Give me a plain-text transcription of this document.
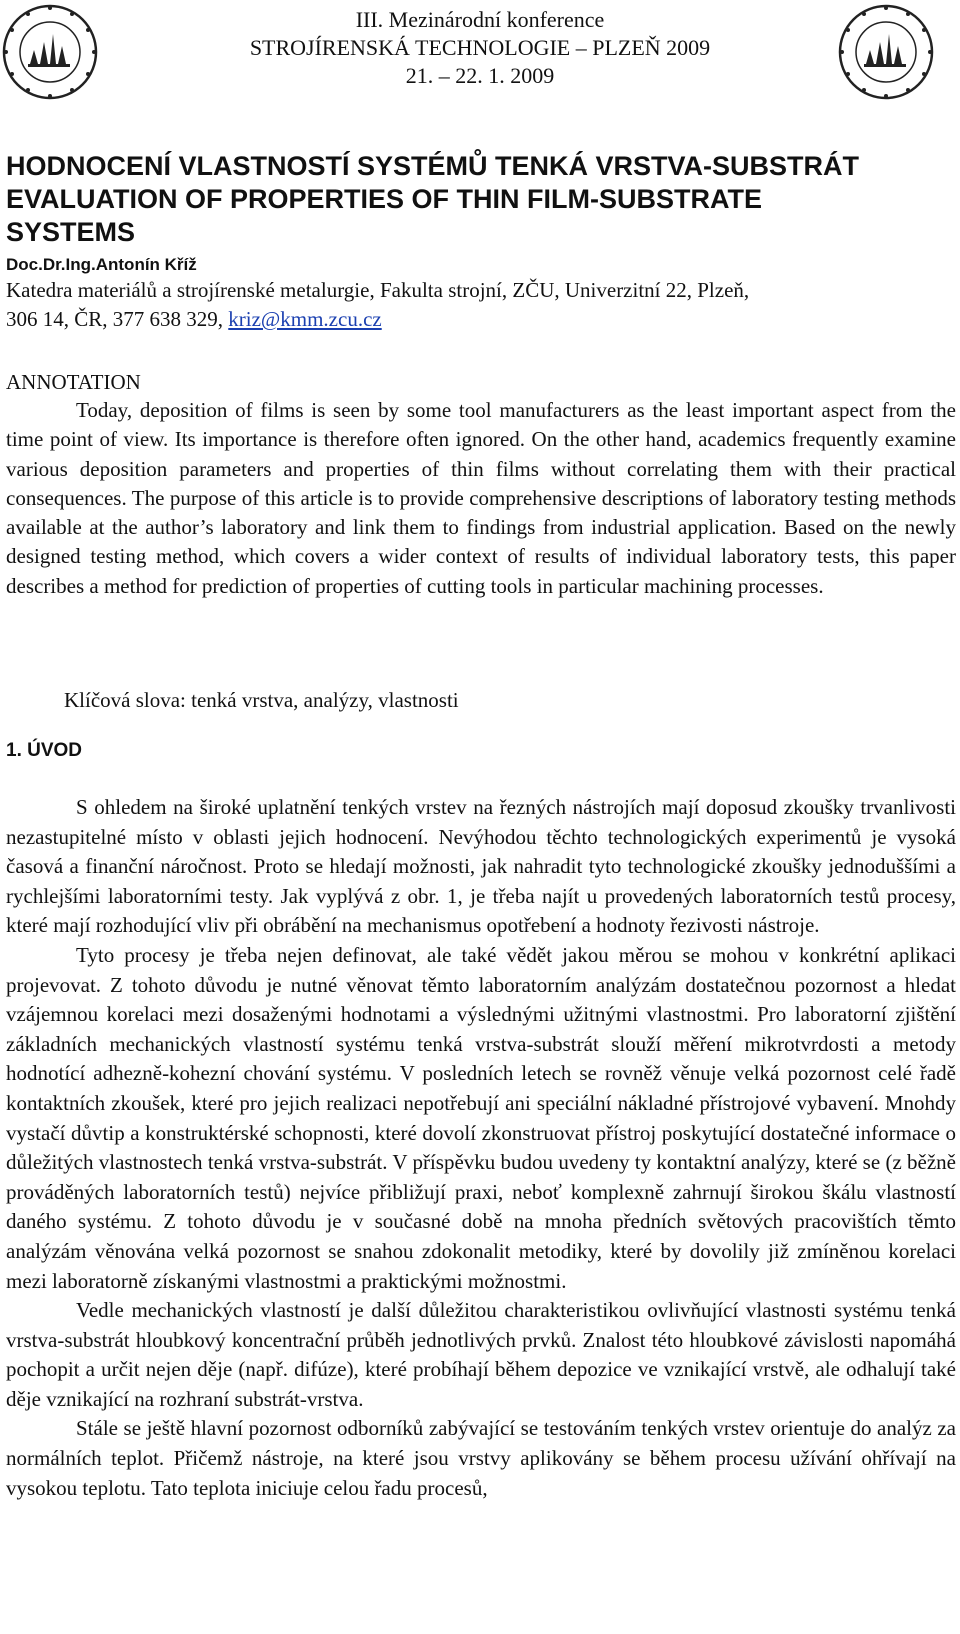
III. Mezinárodní konference
STROJÍRENSKÁ TECHNOLOGIE – PLZEŇ 2009
21. – 22. 1. 2009
HODNOCENÍ VLASTNOSTÍ SYSTÉMŮ TENKÁ VRSTVA-SUBSTRÁT
EVALUATION OF PROPERTIES OF THIN FILM-SUBSTRATE
SYSTEMS
Doc.Dr.Ing.Antonín Kříž
Katedra materiálů a strojírenské metalurgie, Fakulta strojní, ZČU, Univerzitní 22, Plzeň,
306 14, ČR, 377 638 329, kriz@kmm.zcu.cz
ANNOTATION

Today, deposition of films is seen by some tool manufacturers as the least important aspect from the time point of view. Its importance is therefore often ignored. On the other hand, academics frequently examine various deposition parameters and properties of thin films without correlating them with their practical consequences. The purpose of this article is to provide comprehensive descriptions of laboratory testing methods available at the author’s laboratory and link them to findings from industrial application. Based on the newly designed testing method, which covers a wider context of results of individual laboratory tests, this paper describes a method for prediction of properties of cutting tools in particular machining processes.

Klíčová slova: tenká vrstva, analýzy, vlastnosti
1. ÚVOD

S ohledem na široké uplatnění tenkých vrstev na řezných nástrojích mají doposud zkoušky trvanlivosti nezastupitelné místo v oblasti jejich hodnocení. Nevýhodou těchto technologických experimentů je vysoká časová a finanční náročnost. Proto se hledají možnosti, jak nahradit tyto technologické zkoušky jednoduššími a rychlejšími laboratorními testy. Jak vyplývá z obr. 1, je třeba najít u provedených laboratorních testů procesy, které mají rozhodující vliv při obrábění na mechanismus opotřebení a hodnoty řezivosti nástroje.

Tyto procesy je třeba nejen definovat, ale také vědět jakou měrou se mohou v konkrétní aplikaci projevovat. Z tohoto důvodu je nutné věnovat těmto laboratorním analýzám dostatečnou pozornost a hledat vzájemnou korelaci mezi dosaženými hodnotami a výslednými užitnými vlastnostmi. Pro laboratorní zjištění základních mechanických vlastností systému tenká vrstva-substrát slouží měření mikrotvrdosti a metody hodnotící adhezně-kohezní chování systému. V posledních letech se rovněž věnuje velká pozornost celé řadě kontaktních zkoušek, které pro jejich realizaci nepotřebují ani speciální nákladné přístrojové vybavení. Mnohdy vystačí důvtip a konstruktérské schopnosti, které dovolí zkonstruovat přístroj poskytující dostatečné informace o důležitých vlastnostech tenká vrstva-substrát. V příspěvku budou uvedeny ty kontaktní analýzy, které se (z běžně prováděných laboratorních testů) nejvíce přibližují praxi, neboť komplexně zahrnují širokou škálu vlastností daného systému. Z tohoto důvodu je v současné době na mnoha předních světových pracovištích těmto analýzám věnována velká pozornost se snahou zdokonalit metodiky, které by dovolily již zmíněnou korelaci mezi laboratorně získanými vlastnostmi a praktickými možnostmi.

Vedle mechanických vlastností je další důležitou charakteristikou ovlivňující vlastnosti systému tenká vrstva-substrát hloubkový koncentrační průběh jednotlivých prvků. Znalost této hloubkové závislosti napomáhá pochopit a určit nejen děje (např. difúze), které probíhají během depozice ve vznikající vrstvě, ale odhalují také děje vznikající na rozhraní substrát-vrstva.

Stále se ještě hlavní pozornost odborníků zabývající se testováním tenkých vrstev orientuje do analýz za normálních teplot. Přičemž nástroje, na které jsou vrstvy aplikovány se během procesu užívání ohřívají na vysokou teplotu. Tato teplota iniciuje celou řadu procesů,
